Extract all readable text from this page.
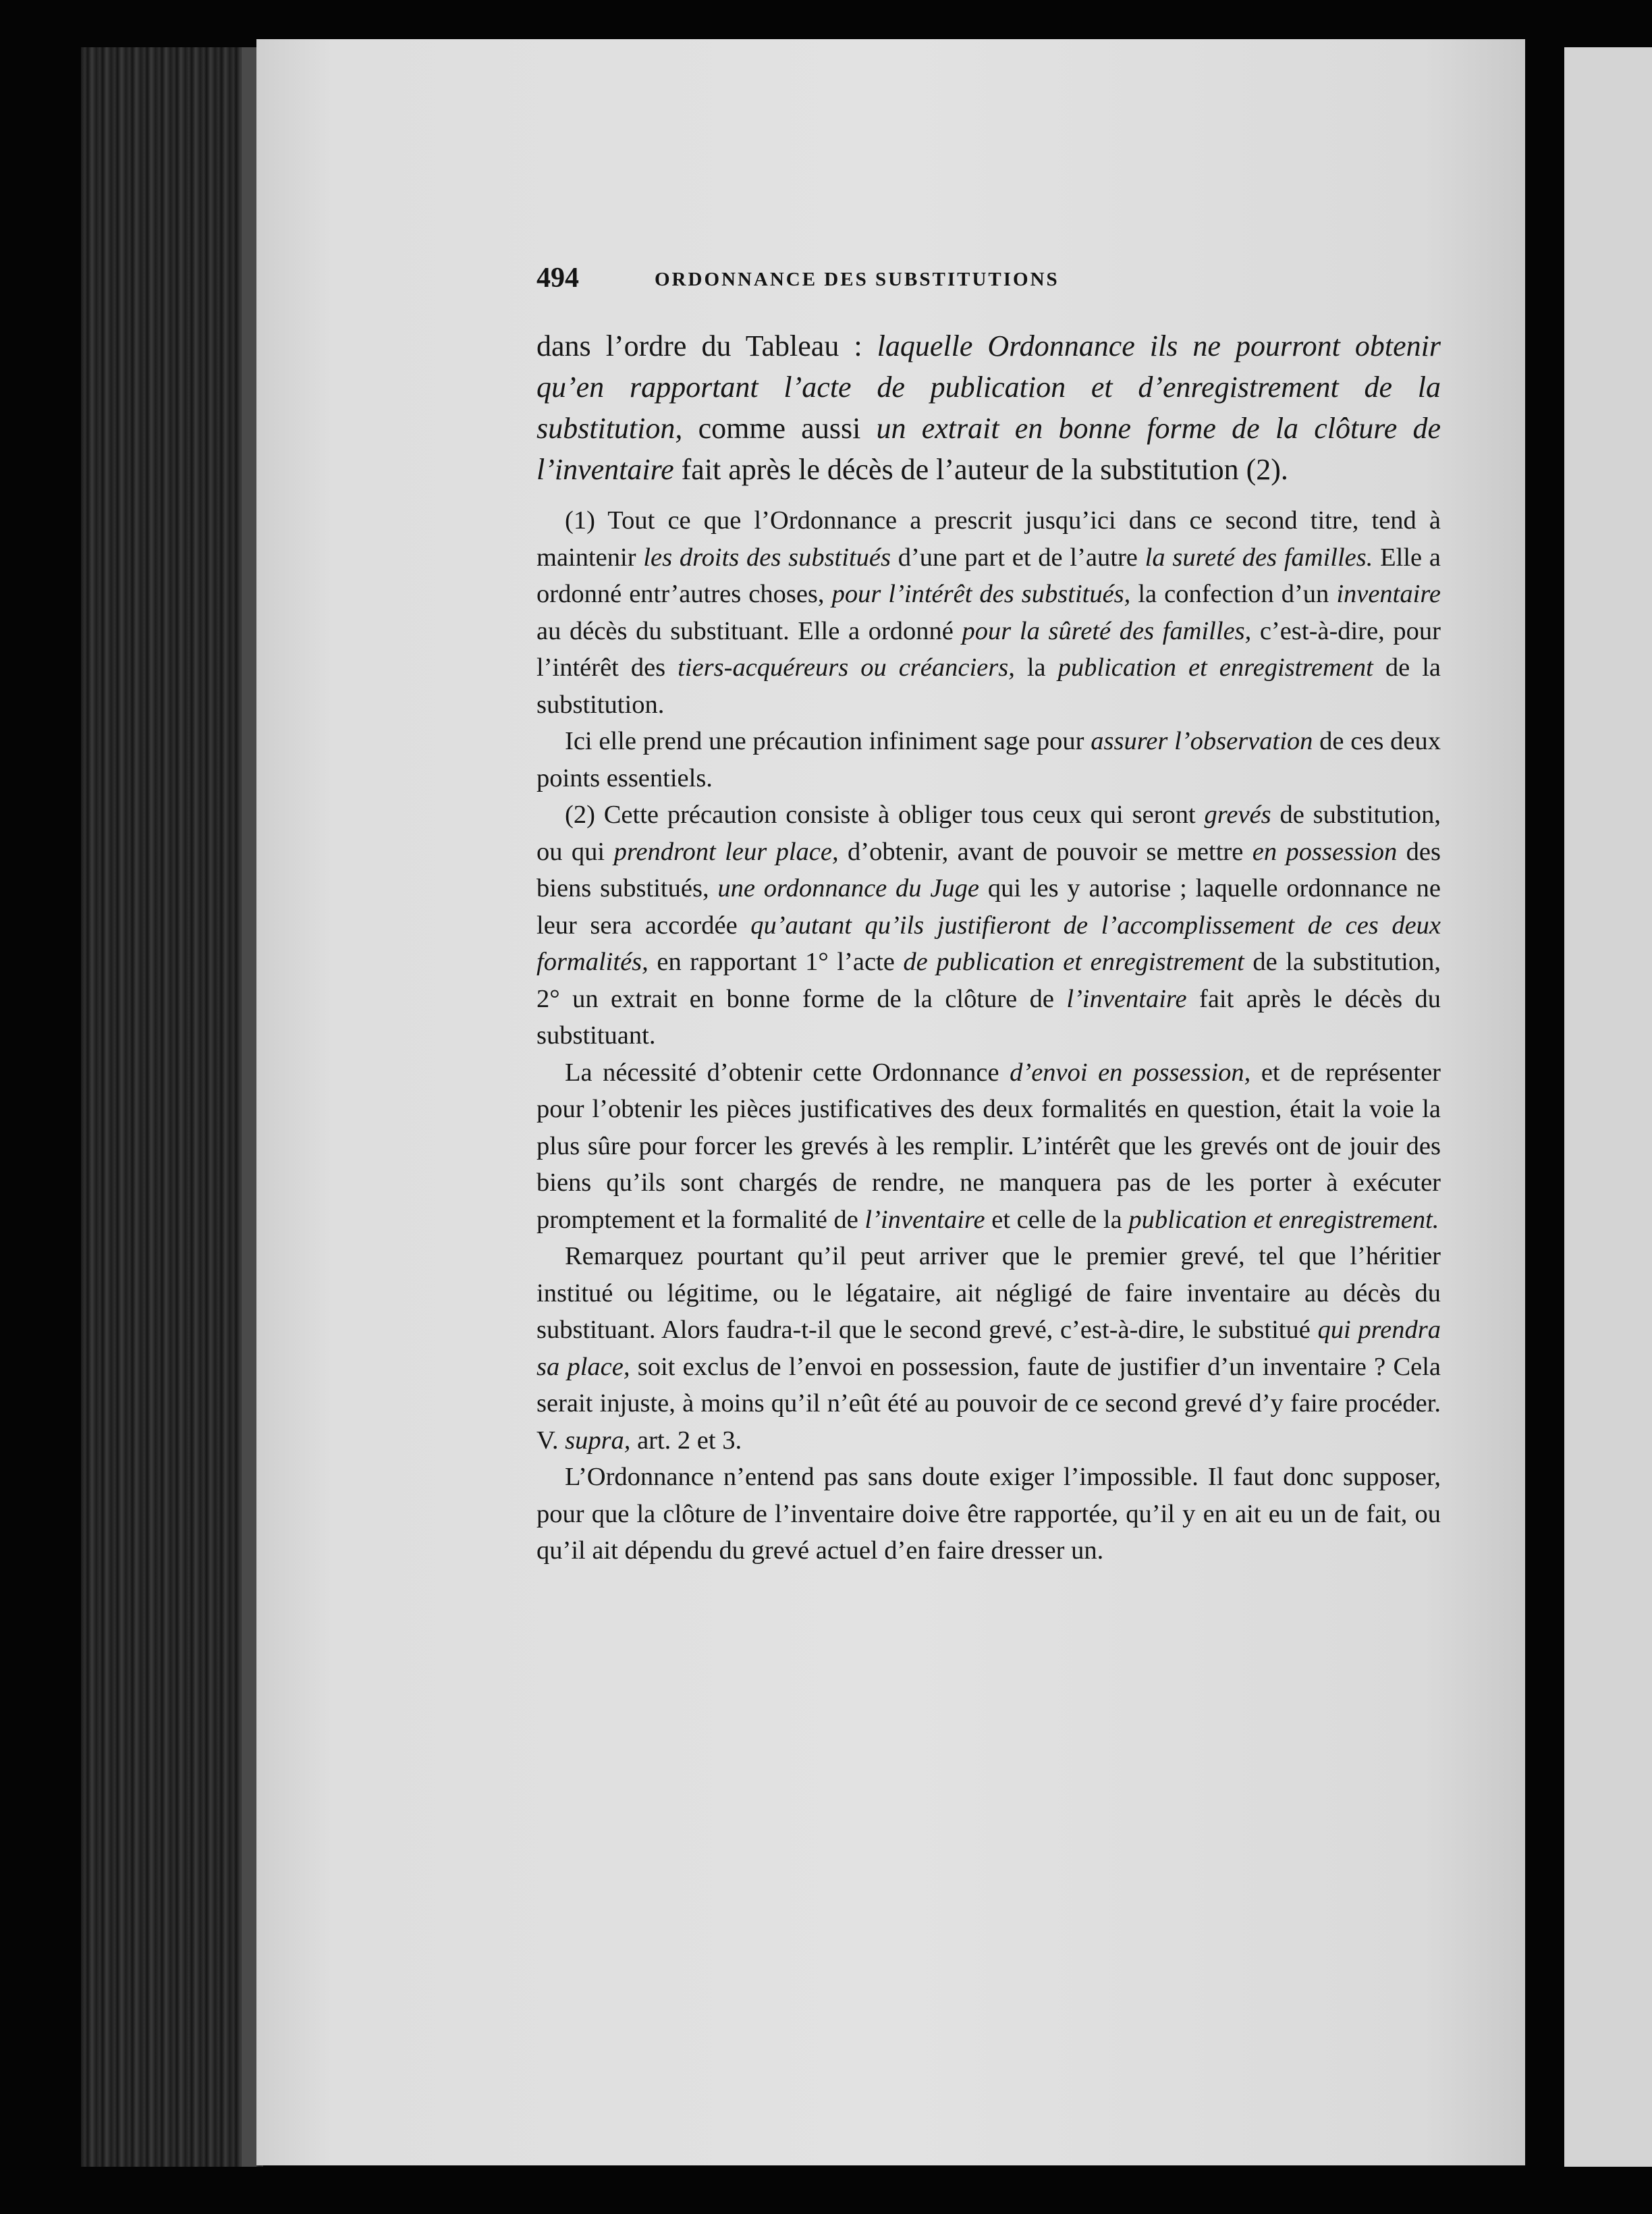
494	ORDONNANCE DES SUBSTITUTIONS

dans l’ordre du Tableau : laquelle Ordonnance ils ne pourront obtenir qu’en rapportant l’acte de publication et d’enregistrement de la substitution, comme aussi un extrait en bonne forme de la clôture de l’inventaire fait après le décès de l’auteur de la substitution (2).

(1) Tout ce que l’Ordonnance a prescrit jusqu’ici dans ce second titre, tend à maintenir les droits des substitués d’une part et de l’autre la sureté des familles. Elle a ordonné entr’autres choses, pour l’intérêt des substitués, la confection d’un inventaire au décès du substituant. Elle a ordonné pour la sûreté des familles, c’est-à-dire, pour l’intérêt des tiers-acquéreurs ou créanciers, la publication et enregistrement de la substitution.

Ici elle prend une précaution infiniment sage pour assurer l’observation de ces deux points essentiels.

(2) Cette précaution consiste à obliger tous ceux qui seront grevés de substitution, ou qui prendront leur place, d’obtenir, avant de pouvoir se mettre en possession des biens substitués, une ordonnance du Juge qui les y autorise ; laquelle ordonnance ne leur sera accordée qu’autant qu’ils justifieront de l’accomplissement de ces deux formalités, en rapportant 1° l’acte de publication et enregistrement de la substitution, 2° un extrait en bonne forme de la clôture de l’inventaire fait après le décès du substituant.

La nécessité d’obtenir cette Ordonnance d’envoi en possession, et de représenter pour l’obtenir les pièces justificatives des deux formalités en question, était la voie la plus sûre pour forcer les grevés à les remplir. L’intérêt que les grevés ont de jouir des biens qu’ils sont chargés de rendre, ne manquera pas de les porter à exécuter promptement et la formalité de l’inventaire et celle de la publication et enregistrement.

Remarquez pourtant qu’il peut arriver que le premier grevé, tel que l’héritier institué ou légitime, ou le légataire, ait négligé de faire inventaire au décès du substituant. Alors faudra-t-il que le second grevé, c’est-à-dire, le substitué qui prendra sa place, soit exclus de l’envoi en possession, faute de justifier d’un inventaire ? Cela serait injuste, à moins qu’il n’eût été au pouvoir de ce second grevé d’y faire procéder. V. supra, art. 2 et 3.

L’Ordonnance n’entend pas sans doute exiger l’impossible. Il faut donc supposer, pour que la clôture de l’inventaire doive être rapportée, qu’il y en ait eu un de fait, ou qu’il ait dépendu du grevé actuel d’en faire dresser un.
